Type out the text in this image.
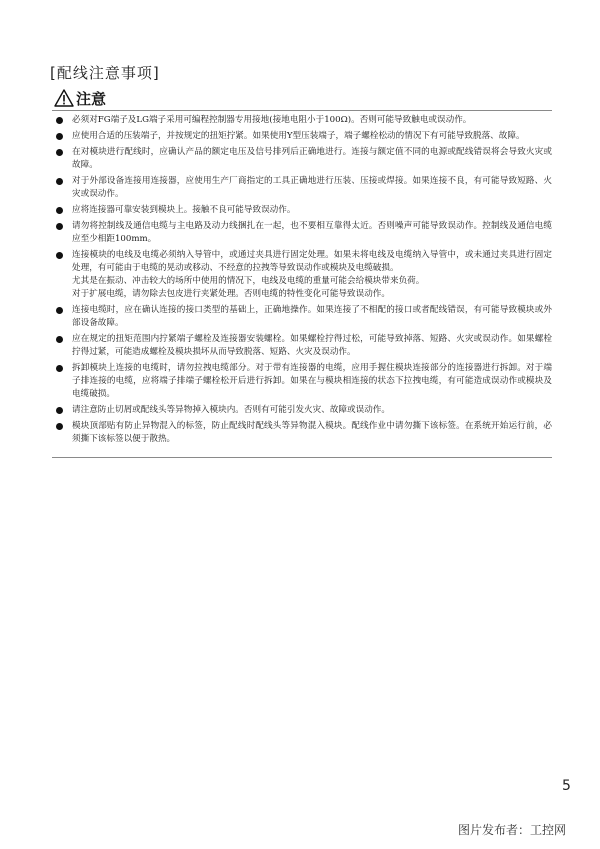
[配线注意事项]
注意

必须对FG端子及LG端子采用可编程控制器专用接地(接地电阻小于100Ω)。否则可能导致触电或误动作。

应使用合适的压装端子，并按规定的扭矩拧紧。如果使用Y型压装端子，端子螺栓松动的情况下有可能导致脱落、故障。

在对模块进行配线时，应确认产品的额定电压及信号排列后正确地进行。连接与额定值不同的电源或配线错误将会导致火灾或故障。

对于外部设备连接用连接器，应使用生产厂商指定的工具正确地进行压装、压接或焊接。如果连接不良，有可能导致短路、火灾或误动作。

应将连接器可靠安装到模块上。接触不良可能导致误动作。

请勿将控制线及通信电缆与主电路及动力线捆扎在一起，也不要相互靠得太近。否则噪声可能导致误动作。控制线及通信电缆应至少相距100mm。

连接模块的电线及电缆必须纳入导管中，或通过夹具进行固定处理。如果未将电线及电缆纳入导管中，或未通过夹具进行固定处理，有可能由于电缆的晃动或移动、不经意的拉拽等导致误动作或模块及电缆破损。

尤其是在振动、冲击较大的场所中使用的情况下，电线及电缆的重量可能会给模块带来负荷。

对于扩展电缆，请勿除去包皮进行夹紧处理。否则电缆的特性变化可能导致误动作。

连接电缆时，应在确认连接的接口类型的基础上，正确地操作。如果连接了不相配的接口或者配线错误，有可能导致模块或外部设备故障。

应在规定的扭矩范围内拧紧端子螺栓及连接器安装螺栓。如果螺栓拧得过松，可能导致掉落、短路、火灾或误动作。如果螺栓拧得过紧，可能造成螺栓及模块损坏从而导致脱落、短路、火灾及误动作。

拆卸模块上连接的电缆时，请勿拉拽电缆部分。对于带有连接器的电缆，应用手握住模块连接部分的连接器进行拆卸。对于端子排连接的电缆，应将端子排端子螺栓松开后进行拆卸。如果在与模块相连接的状态下拉拽电缆，有可能造成误动作或模块及电缆破损。

请注意防止切屑或配线头等异物掉入模块内。否则有可能引发火灾、故障或误动作。

模块顶部贴有防止异物混入的标签，防止配线时配线头等异物混入模块。配线作业中请勿撕下该标签。在系统开始运行前，必须撕下该标签以便于散热。

5
图片发布者：工控网
